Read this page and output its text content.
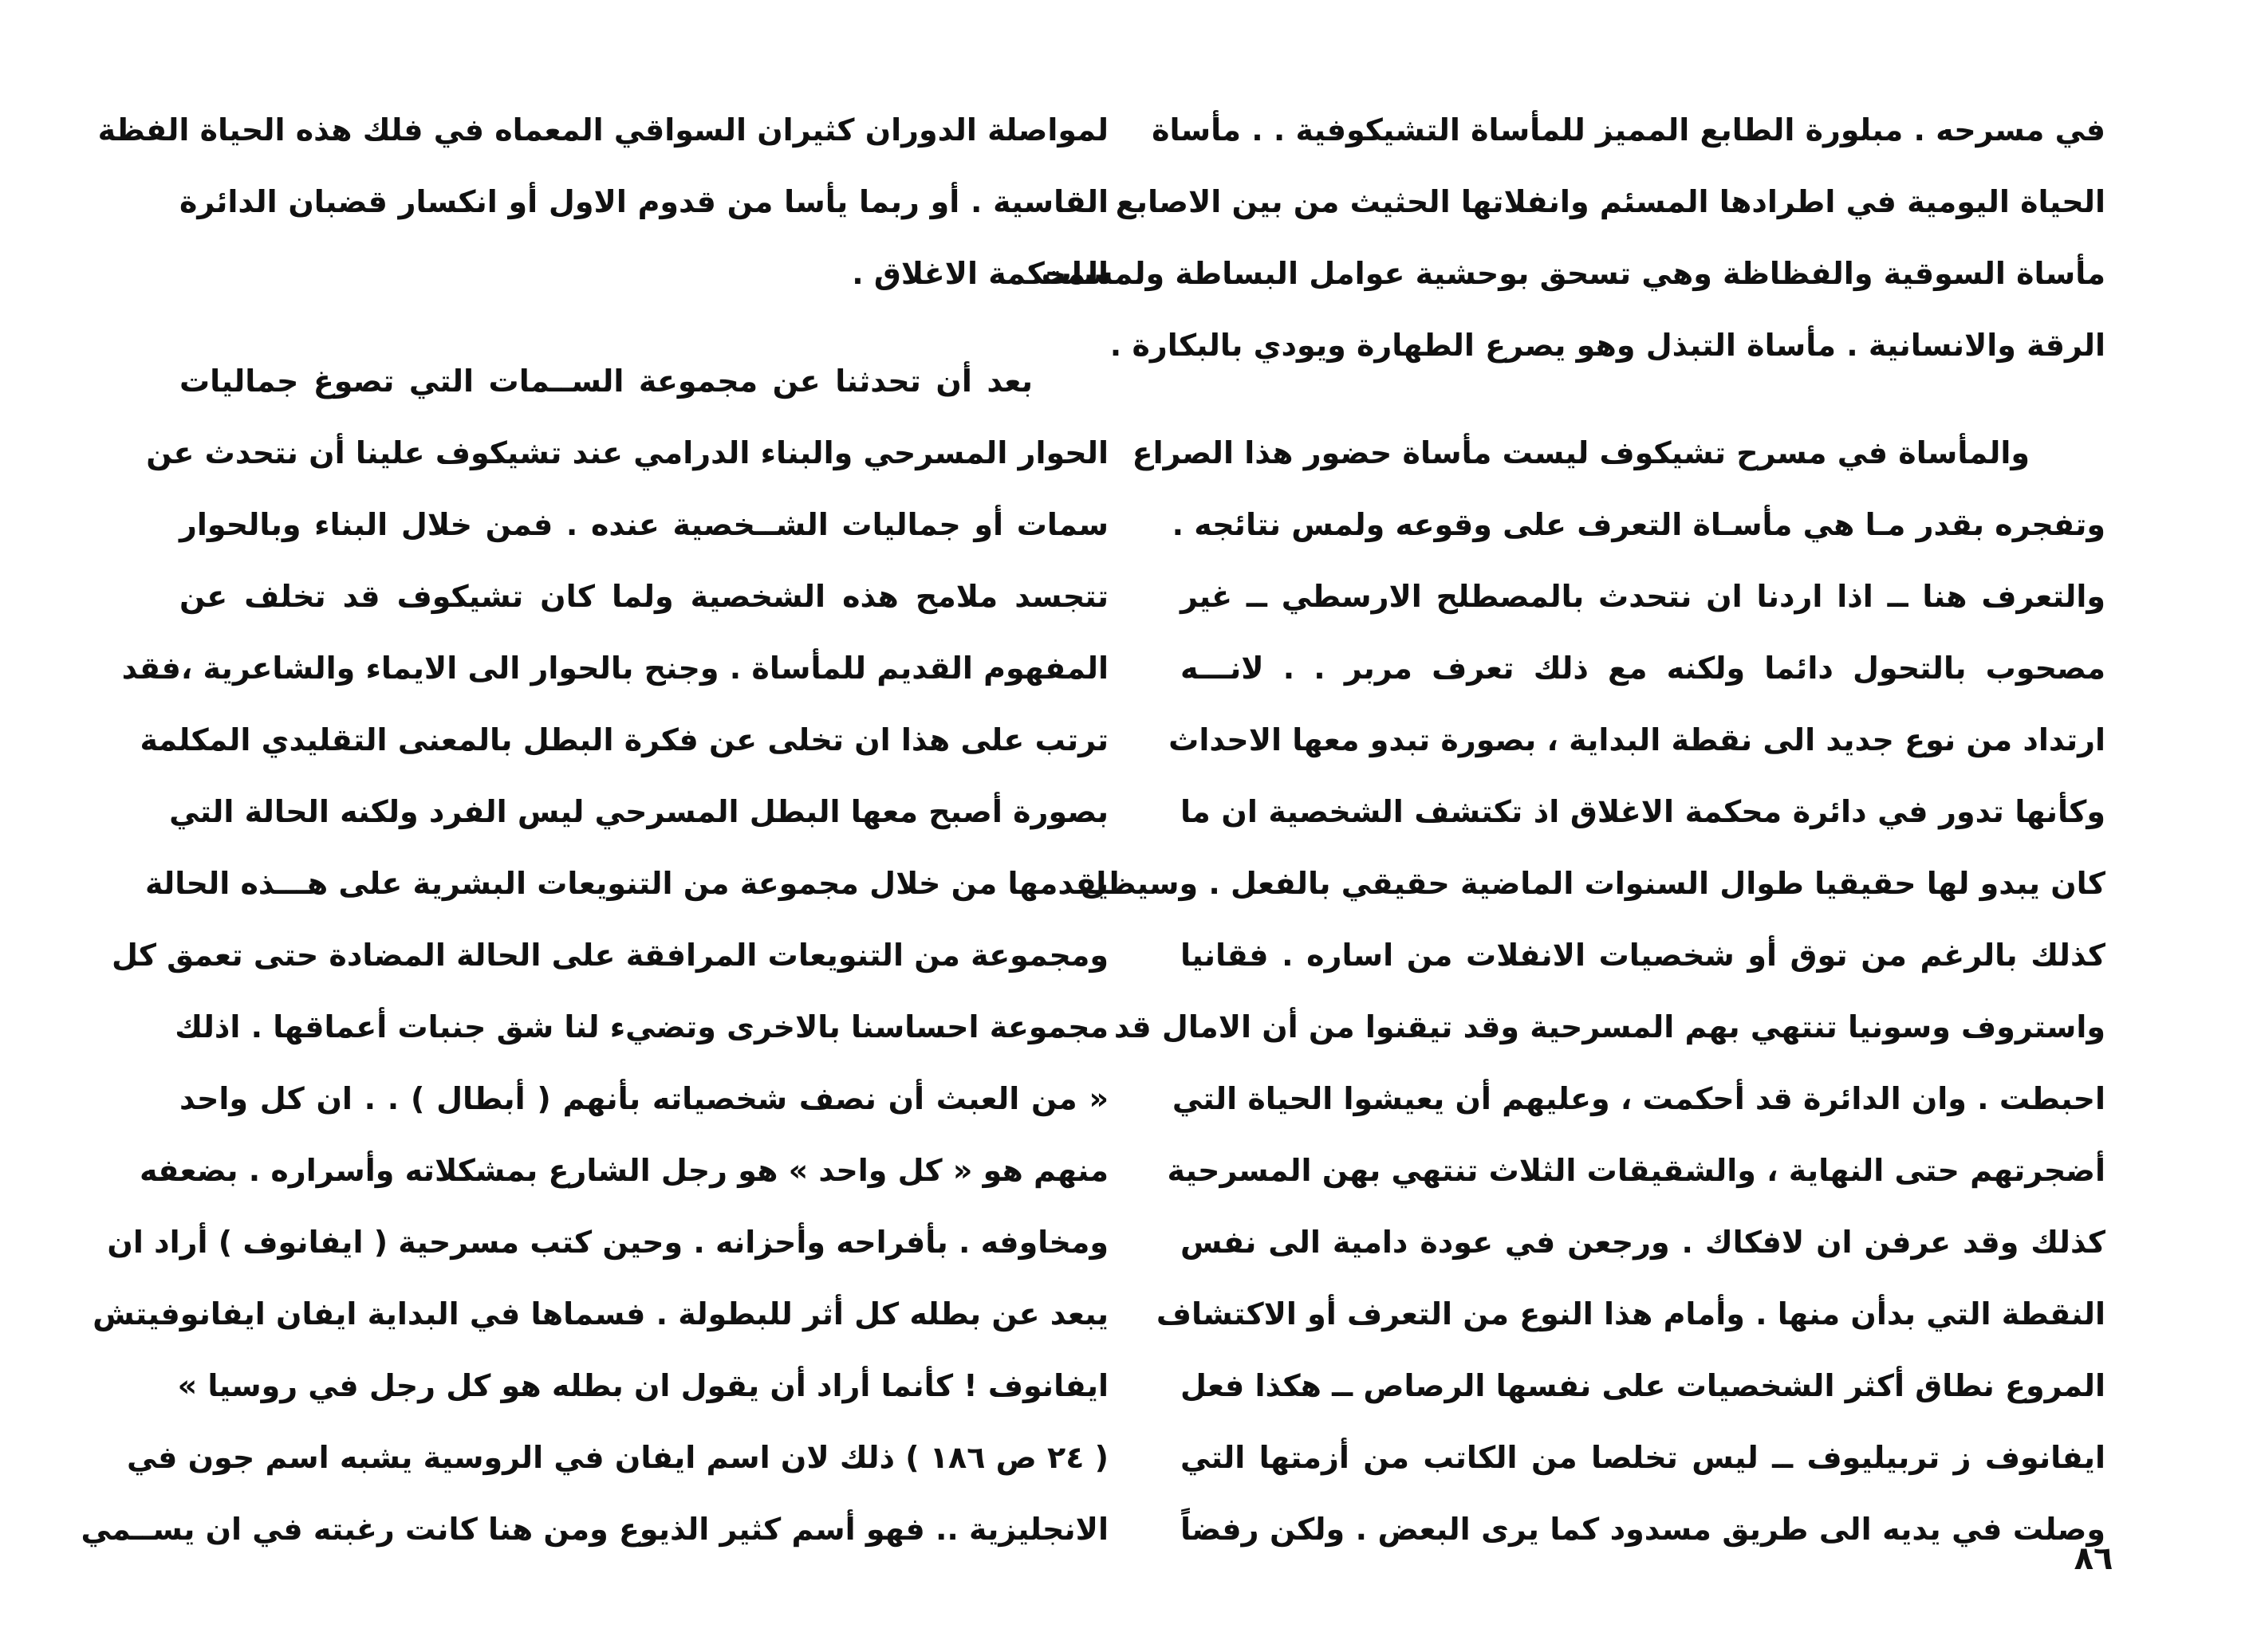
في مسرحه . مبلورة الطابع المميز للمأساة التشيكوفية . . مأساة
الحياة اليومية في اطرادها المسئم وانفلاتها الحثيث من بين الاصابع
مأساة السوقية والفظاظة وهي تسحق بوحشية عوامل البساطة ولمسات
الرقة والانسانية . مأساة التبذل وهو يصرع الطهارة ويودي بالبكارة .
والمأساة في مسرح تشيكوف ليست مأساة حضور هذا الصراع
وتفجره بقدر مـا هي مأسـاة التعرف على وقوعه ولمس نتائجه .
والتعرف هنا ــ اذا اردنا ان نتحدث بالمصطلح الارسطي ــ غير
مصحوب بالتحول دائما ولكنه مع ذلك تعرف مربر . . لانـــه
ارتداد من نوع جديد الى نقطة البداية ، بصورة تبدو معها الاحداث
وكأنها تدور في دائرة محكمة الاغلاق اذ تكتشف الشخصية ان ما
كان يبدو لها حقيقيا طوال السنوات الماضية حقيقي بالفعل . وسيظل
كذلك بالرغم من توق أو شخصيات الانفلات من اساره . فقانيا
واستروف وسونيا تنتهي بهم المسرحية وقد تيقنوا من أن الامال قد
احبطت . وان الدائرة قد أحكمت ، وعليهم أن يعيشوا الحياة التي
أضجرتهم حتى النهاية ، والشقيقات الثلاث تنتهي بهن المسرحية
كذلك وقد عرفن ان لافكاك . ورجعن في عودة دامية الى نفس
النقطة التي بدأن منها . وأمام هذا النوع من التعرف أو الاكتشاف
المروع نطاق أكثر الشخصيات على نفسها الرصاص ــ هكذا فعل
ايفانوف ز تربيليوف ــ ليس تخلصا من الكاتب من أزمتها التي
وصلت في يديه الى طريق مسدود كما يرى البعض . ولكن رفضاً
لمواصلة الدوران كثيران السواقي المعماه في فلك هذه الحياة الفظة
القاسية . أو ربما يأسا من قدوم الاول أو انكسار قضبان الدائرة
المحكمة الاغلاق .
بعد أن تحدثنا عن مجموعة الســمات التي تصوغ جماليات
الحوار المسرحي والبناء الدرامي عند تشيكوف علينا أن نتحدث عن
سمات أو جماليات الشــخصية عنده . فمن خلال البناء وبالحوار
تتجسد ملامح هذه الشخصية ولما كان تشيكوف قد تخلف عن
المفهوم القديم للمأساة . وجنح بالحوار الى الايماء والشاعرية ،فقد
ترتب على هذا ان تخلى عن فكرة البطل بالمعنى التقليدي المكلمة
بصورة أصبح معها البطل المسرحي ليس الفرد ولكنه الحالة التي
يقدمها من خلال مجموعة من التنويعات البشرية على هـــذه الحالة
ومجموعة من التنويعات المرافقة على الحالة المضادة حتى تعمق كل
مجموعة احساسنا بالاخرى وتضيء لنا شق جنبات أعماقها . اذلك
« من العبث أن نصف شخصياته بأنهم ( أبطال ) . . ان كل واحد
منهم هو « كل واحد » هو رجل الشارع بمشكلاته وأسراره . بضعفه
ومخاوفه . بأفراحه وأحزانه . وحين كتب مسرحية ( ايفانوف ) أراد ان
يبعد عن بطله كل أثر للبطولة . فسماها في البداية ايفان ايفانوفيتش
ايفانوف ! كأنما أراد أن يقول ان بطله هو كل رجل في روسيا »
( ٢٤ ص ١٨٦ ) ذلك لان اسم ايفان في الروسية يشبه اسم جون في
الانجليزية .. فهو أسم كثير الذيوع ومن هنا كانت رغبته في ان يســمي
٨٦
